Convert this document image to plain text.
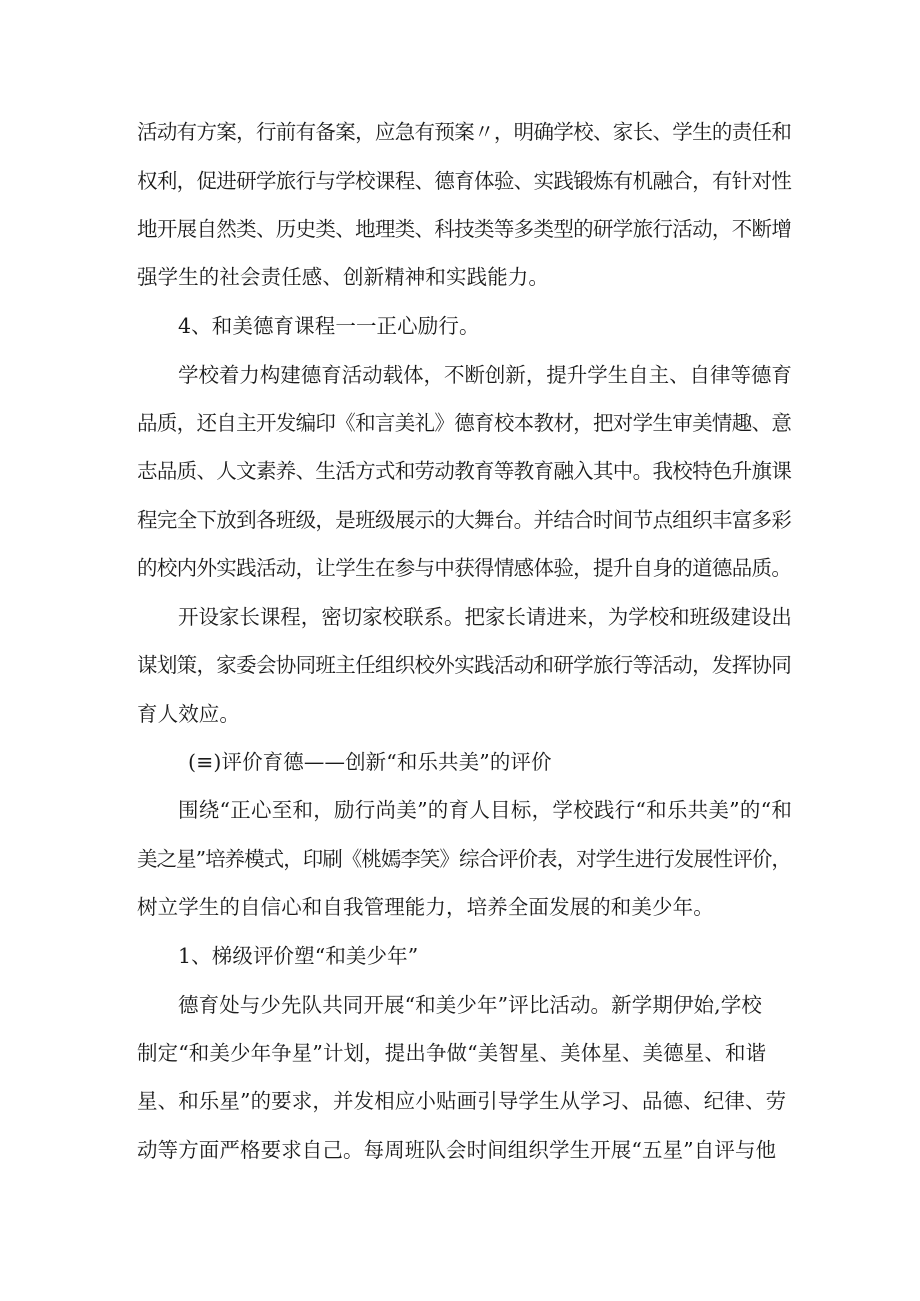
活动有方案，行前有备案，应急有预案〃，明确学校、家长、学生的责任和
权利，促进研学旅行与学校课程、德育体验、实践锻炼有机融合，有针对性
地开展自然类、历史类、地理类、科技类等多类型的研学旅行活动，不断增
强学生的社会责任感、创新精神和实践能力。
4、和美德育课程一一正心励行。
学校着力构建德育活动载体，不断创新，提升学生自主、自律等德育
品质，还自主开发编印《和言美礼》德育校本教材，把对学生审美情趣、意
志品质、人文素养、生活方式和劳动教育等教育融入其中。我校特色升旗课
程完全下放到各班级，是班级展示的大舞台。并结合时间节点组织丰富多彩
的校内外实践活动，让学生在参与中获得情感体验，提升自身的道德品质。
开设家长课程，密切家校联系。把家长请进来，为学校和班级建设出
谋划策，家委会协同班主任组织校外实践活动和研学旅行等活动，发挥协同
育人效应。
(≡)评价育德——创新“和乐共美”的评价
围绕“正心至和，励行尚美”的育人目标，学校践行“和乐共美”的“和
美之星”培养模式，印刷《桃嫣李笑》综合评价表，对学生进行发展性评价，
树立学生的自信心和自我管理能力，培养全面发展的和美少年。
1、梯级评价塑“和美少年”
德育处与少先队共同开展“和美少年”评比活动。新学期伊始,学校
制定“和美少年争星”计划，提出争做“美智星、美体星、美德星、和谐
星、和乐星”的要求，并发相应小贴画引导学生从学习、品德、纪律、劳
动等方面严格要求自己。每周班队会时间组织学生开展“五星”自评与他
